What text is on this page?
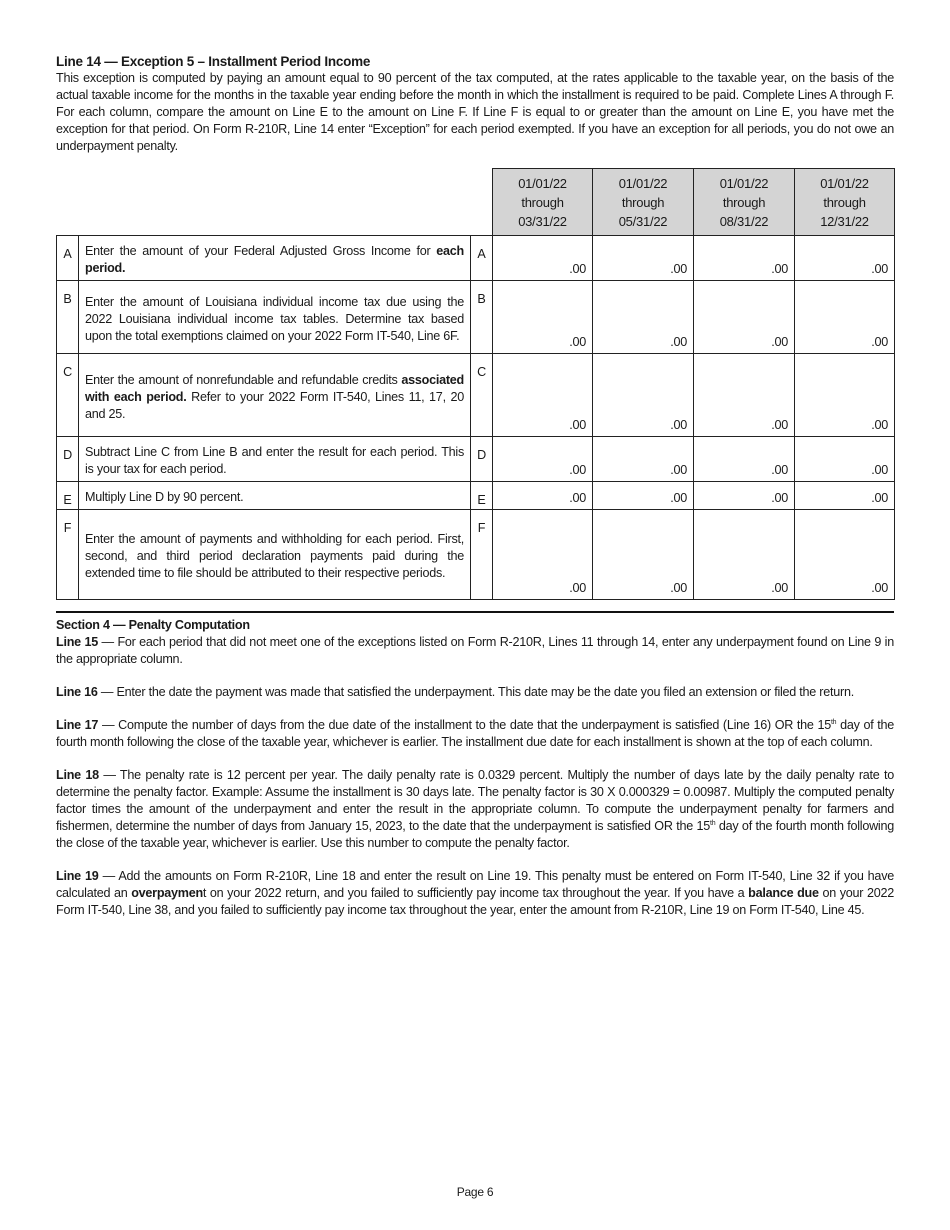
Line 14 — Exception 5 – Installment Period Income

This exception is computed by paying an amount equal to 90 percent of the tax computed, at the rates applicable to the taxable year, on the basis of the actual taxable income for the months in the taxable year ending before the month in which the installment is required to be paid. Complete Lines A through F. For each column, compare the amount on Line E to the amount on Line F. If Line F is equal to or greater than the amount on Line E, you have met the exception for that period. On Form R-210R, Line 14 enter “Exception” for each period exempted. If you have an exception for all periods, you do not owe an underpayment penalty.

			01/01/22
through
03/31/22	01/01/22
through
05/31/22	01/01/22
through
08/31/22	01/01/22
through
12/31/22
A	Enter the amount of your Federal Adjusted Gross Income for each period.	A	.00	.00	.00	.00
B	Enter the amount of Louisiana individual income tax due using the 2022 Louisiana individual income tax tables. Determine tax based upon the total exemptions claimed on your 2022 Form IT-540, Line 6F.	B	.00	.00	.00	.00
C	Enter the amount of nonrefundable and refundable credits associated with each period. Refer to your 2022 Form IT-540, Lines 11, 17, 20 and 25.	C	.00	.00	.00	.00
D	Subtract Line C from Line B and enter the result for each period. This is your tax for each period.	D	.00	.00	.00	.00
E	Multiply Line D by 90 percent.	E	.00	.00	.00	.00
F	Enter the amount of payments and withholding for each period. First, second, and third period declaration payments paid during the extended time to file should be attributed to their respective periods.	F	.00	.00	.00	.00
Section 4 — Penalty Computation

Line 15 — For each period that did not meet one of the exceptions listed on Form R-210R, Lines 11 through 14, enter any underpayment found on Line 9 in the appropriate column.

Line 16 — Enter the date the payment was made that satisfied the underpayment. This date may be the date you filed an extension or filed the return.

Line 17 — Compute the number of days from the due date of the installment to the date that the underpayment is satisfied (Line 16) OR the 15th day of the fourth month following the close of the taxable year, whichever is earlier. The installment due date for each installment is shown at the top of each column.

Line 18 — The penalty rate is 12 percent per year. The daily penalty rate is 0.0329 percent. Multiply the number of days late by the daily penalty rate to determine the penalty factor. Example: Assume the installment is 30 days late. The penalty factor is 30 X 0.000329 = 0.00987. Multiply the computed penalty factor times the amount of the underpayment and enter the result in the appropriate column. To compute the underpayment penalty for farmers and fishermen, determine the number of days from January 15, 2023, to the date that the underpayment is satisfied OR the 15th day of the fourth month following the close of the taxable year, whichever is earlier. Use this number to compute the penalty factor.

Line 19 — Add the amounts on Form R-210R, Line 18 and enter the result on Line 19. This penalty must be entered on Form IT-540, Line 32 if you have calculated an overpayment on your 2022 return, and you failed to sufficiently pay income tax throughout the year. If you have a balance due on your 2022 Form IT-540, Line 38, and you failed to sufficiently pay income tax throughout the year, enter the amount from R-210R, Line 19 on Form IT-540, Line 45.

Page 6
